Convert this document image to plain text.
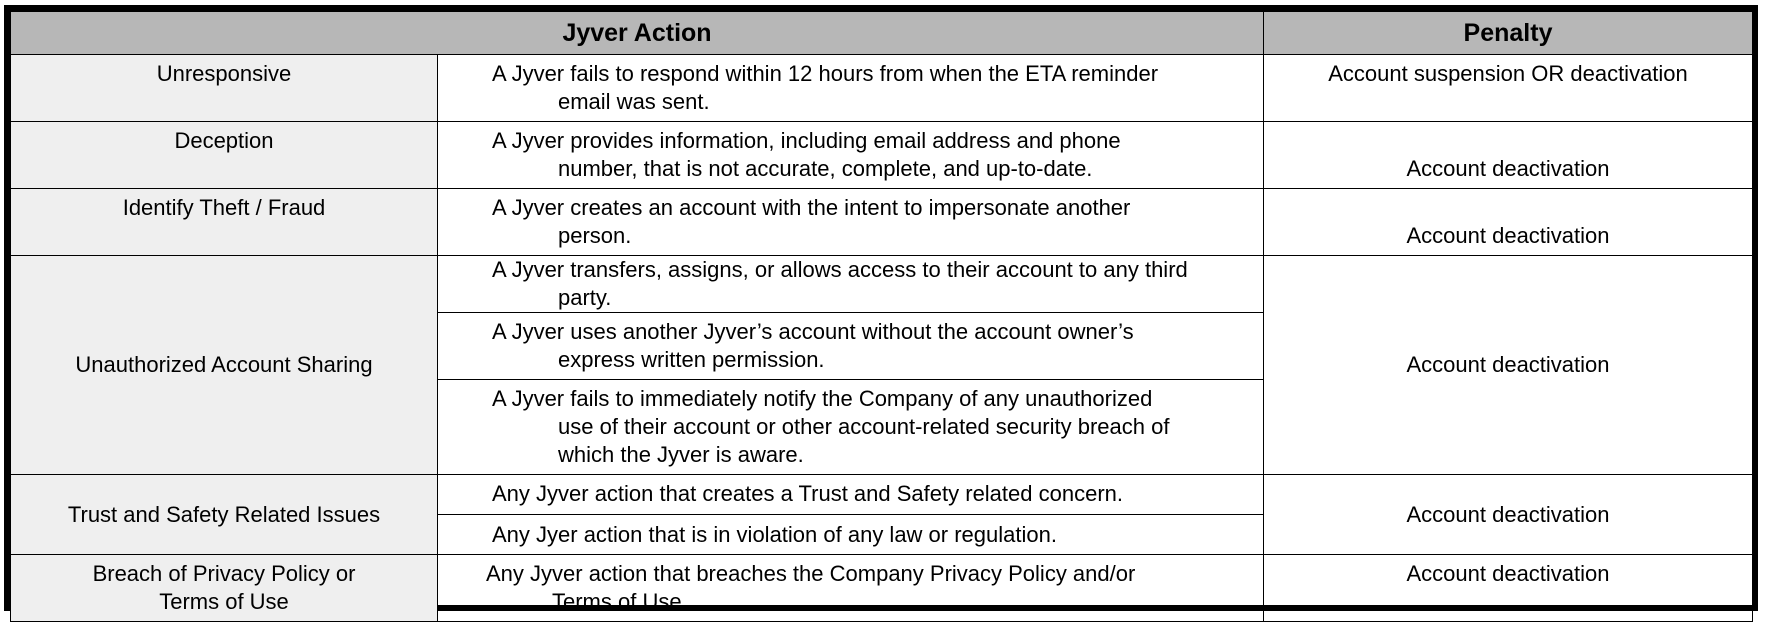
Jyver Action		Penalty

Unresponsive	A Jyver fails to respond within 12 hours from when the ETA reminder email was sent.	Account suspension OR deactivation

Deception	A Jyver provides information, including email address and phone number, that is not accurate, complete, and up-to-date.	Account deactivation

Identify Theft / Fraud	A Jyver creates an account with the intent to impersonate another person.	Account deactivation

Unauthorized Account Sharing	A Jyver transfers, assigns, or allows access to their account to any third party.	Account deactivation

	A Jyver uses another Jyver’s account without the account owner’s express written permission.	

	A Jyver fails to immediately notify the Company of any unauthorized use of their account or other account-related security breach of which the Jyver is aware.	

Trust and Safety Related Issues	Any Jyver action that creates a Trust and Safety related concern.	Account deactivation

	Any Jyer action that is in violation of any law or regulation.	

Breach of Privacy Policy or Terms of Use	Any Jyver action that breaches the Company Privacy Policy and/or Terms of Use.	Account deactivation
